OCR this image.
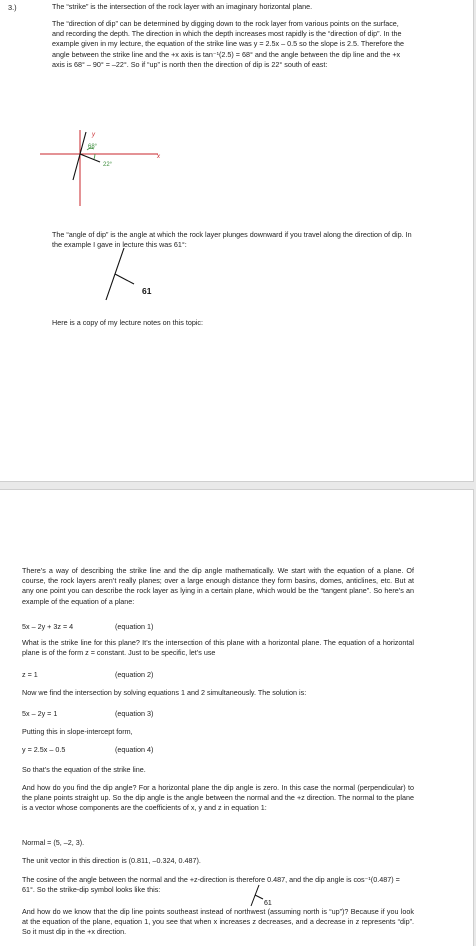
3.)	The “strike” is the intersection of the rock layer with an imaginary horizontal plane.

The “direction of dip” can be determined by digging down to the rock layer from various points on the surface, and recording the depth. The direction in which the depth increases most rapidly is the “direction of dip”. In the example given in my lecture, the equation of the strike line was y = 2.5x – 0.5 so the slope is 2.5. Therefore the angle between the strike line and the +x axis is tan⁻¹(2.5) = 68° and the angle between the dip line and the +x axis is 68° – 90° = –22°. So if “up” is north then the direction of dip is 22° south of east:

68°
22°
y
x

The “angle of dip” is the angle at which the rock layer plunges downward if you travel along the direction of dip. In the example I gave in lecture this was 61°:

61

Here is a copy of my lecture notes on this topic:

There’s a way of describing the strike line and the dip angle mathematically. We start with the equation of a plane. Of course, the rock layers aren’t really planes; over a large enough distance they form basins, domes, anticlines, etc. But at any one point you can describe the rock layer as lying in a certain plane, which would be the “tangent plane”. So here’s an example of the equation of a plane:

5x – 2y + 3z = 4	(equation 1)

What is the strike line for this plane? It’s the intersection of this plane with a horizontal plane. The equation of a horizontal plane is of the form z = constant. Just to be specific, let’s use

z = 1	(equation 2)

Now we find the intersection by solving equations 1 and 2 simultaneously. The solution is:

5x – 2y = 1	(equation 3)

Putting this in slope-intercept form,

y = 2.5x – 0.5	(equation 4)

So that’s the equation of the strike line.

And how do you find the dip angle? For a horizontal plane the dip angle is zero. In this case the normal (perpendicular) to the plane points straight up. So the dip angle is the angle between the normal and the +z direction. The normal to the plane is a vector whose components are the coefficients of x, y and z in equation 1:

Normal = (5, –2, 3).

The unit vector in this direction is (0.811, –0.324, 0.487).

The cosine of the angle between the normal and the +z-direction is therefore 0.487, and the dip angle is cos⁻¹(0.487) = 61°. So the strike-dip symbol looks like this:

61

And how do we know that the dip line points southeast instead of northwest (assuming north is “up”)? Because if you look at the equation of the plane, equation 1, you see that when x increases z decreases, and a decrease in z represents “dip”. So it must dip in the +x direction.
